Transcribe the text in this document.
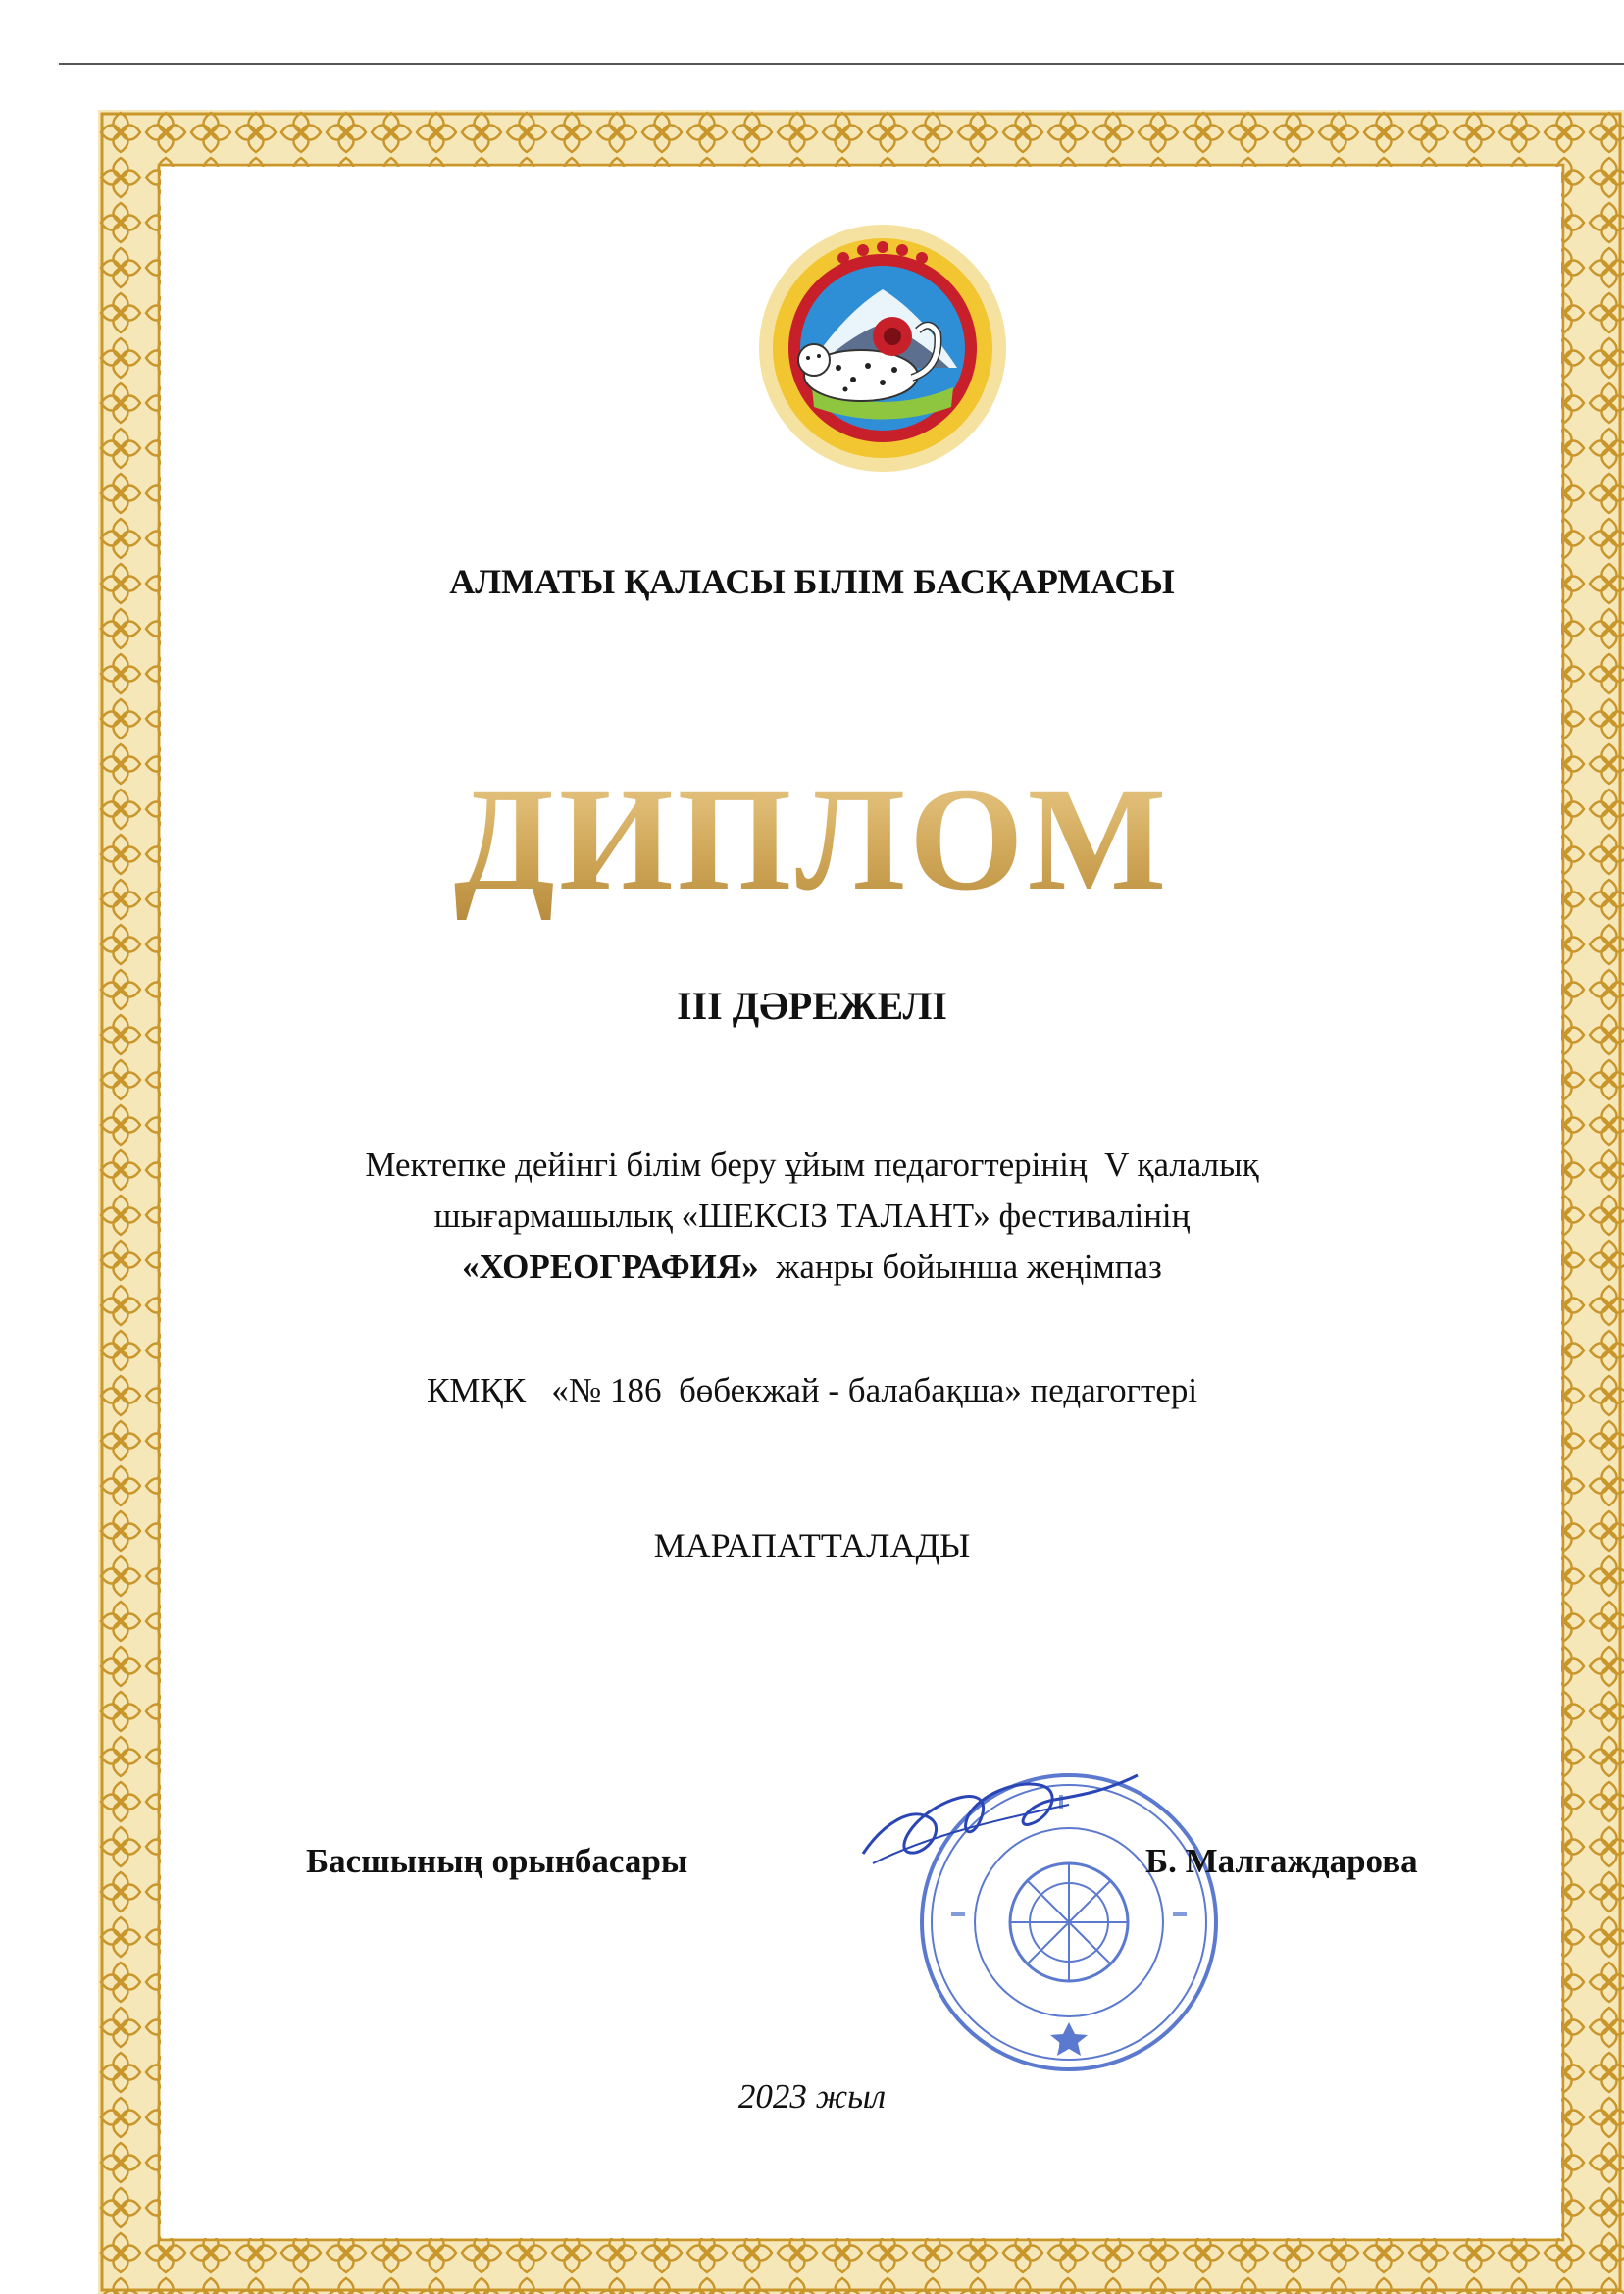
АЛМАТЫ ҚАЛАСЫ БІЛІМ БАСҚАРМАСЫ
ДИПЛОМ
ІІІ ДӘРЕЖЕЛІ
Мектепке дейінгі білім беру ұйым педагогтерінің  V қалалық
шығармашылық «ШЕКСІЗ ТАЛАНТ» фестивалінің
«ХОРЕОГРАФИЯ»  жанры бойынша жеңімпаз
КМҚК   «№ 186  бөбекжай - балабақша» педагогтері
МАРАПАТТАЛАДЫ
Басшының орынбасары	Б. Малгаждарова
2023 жыл
